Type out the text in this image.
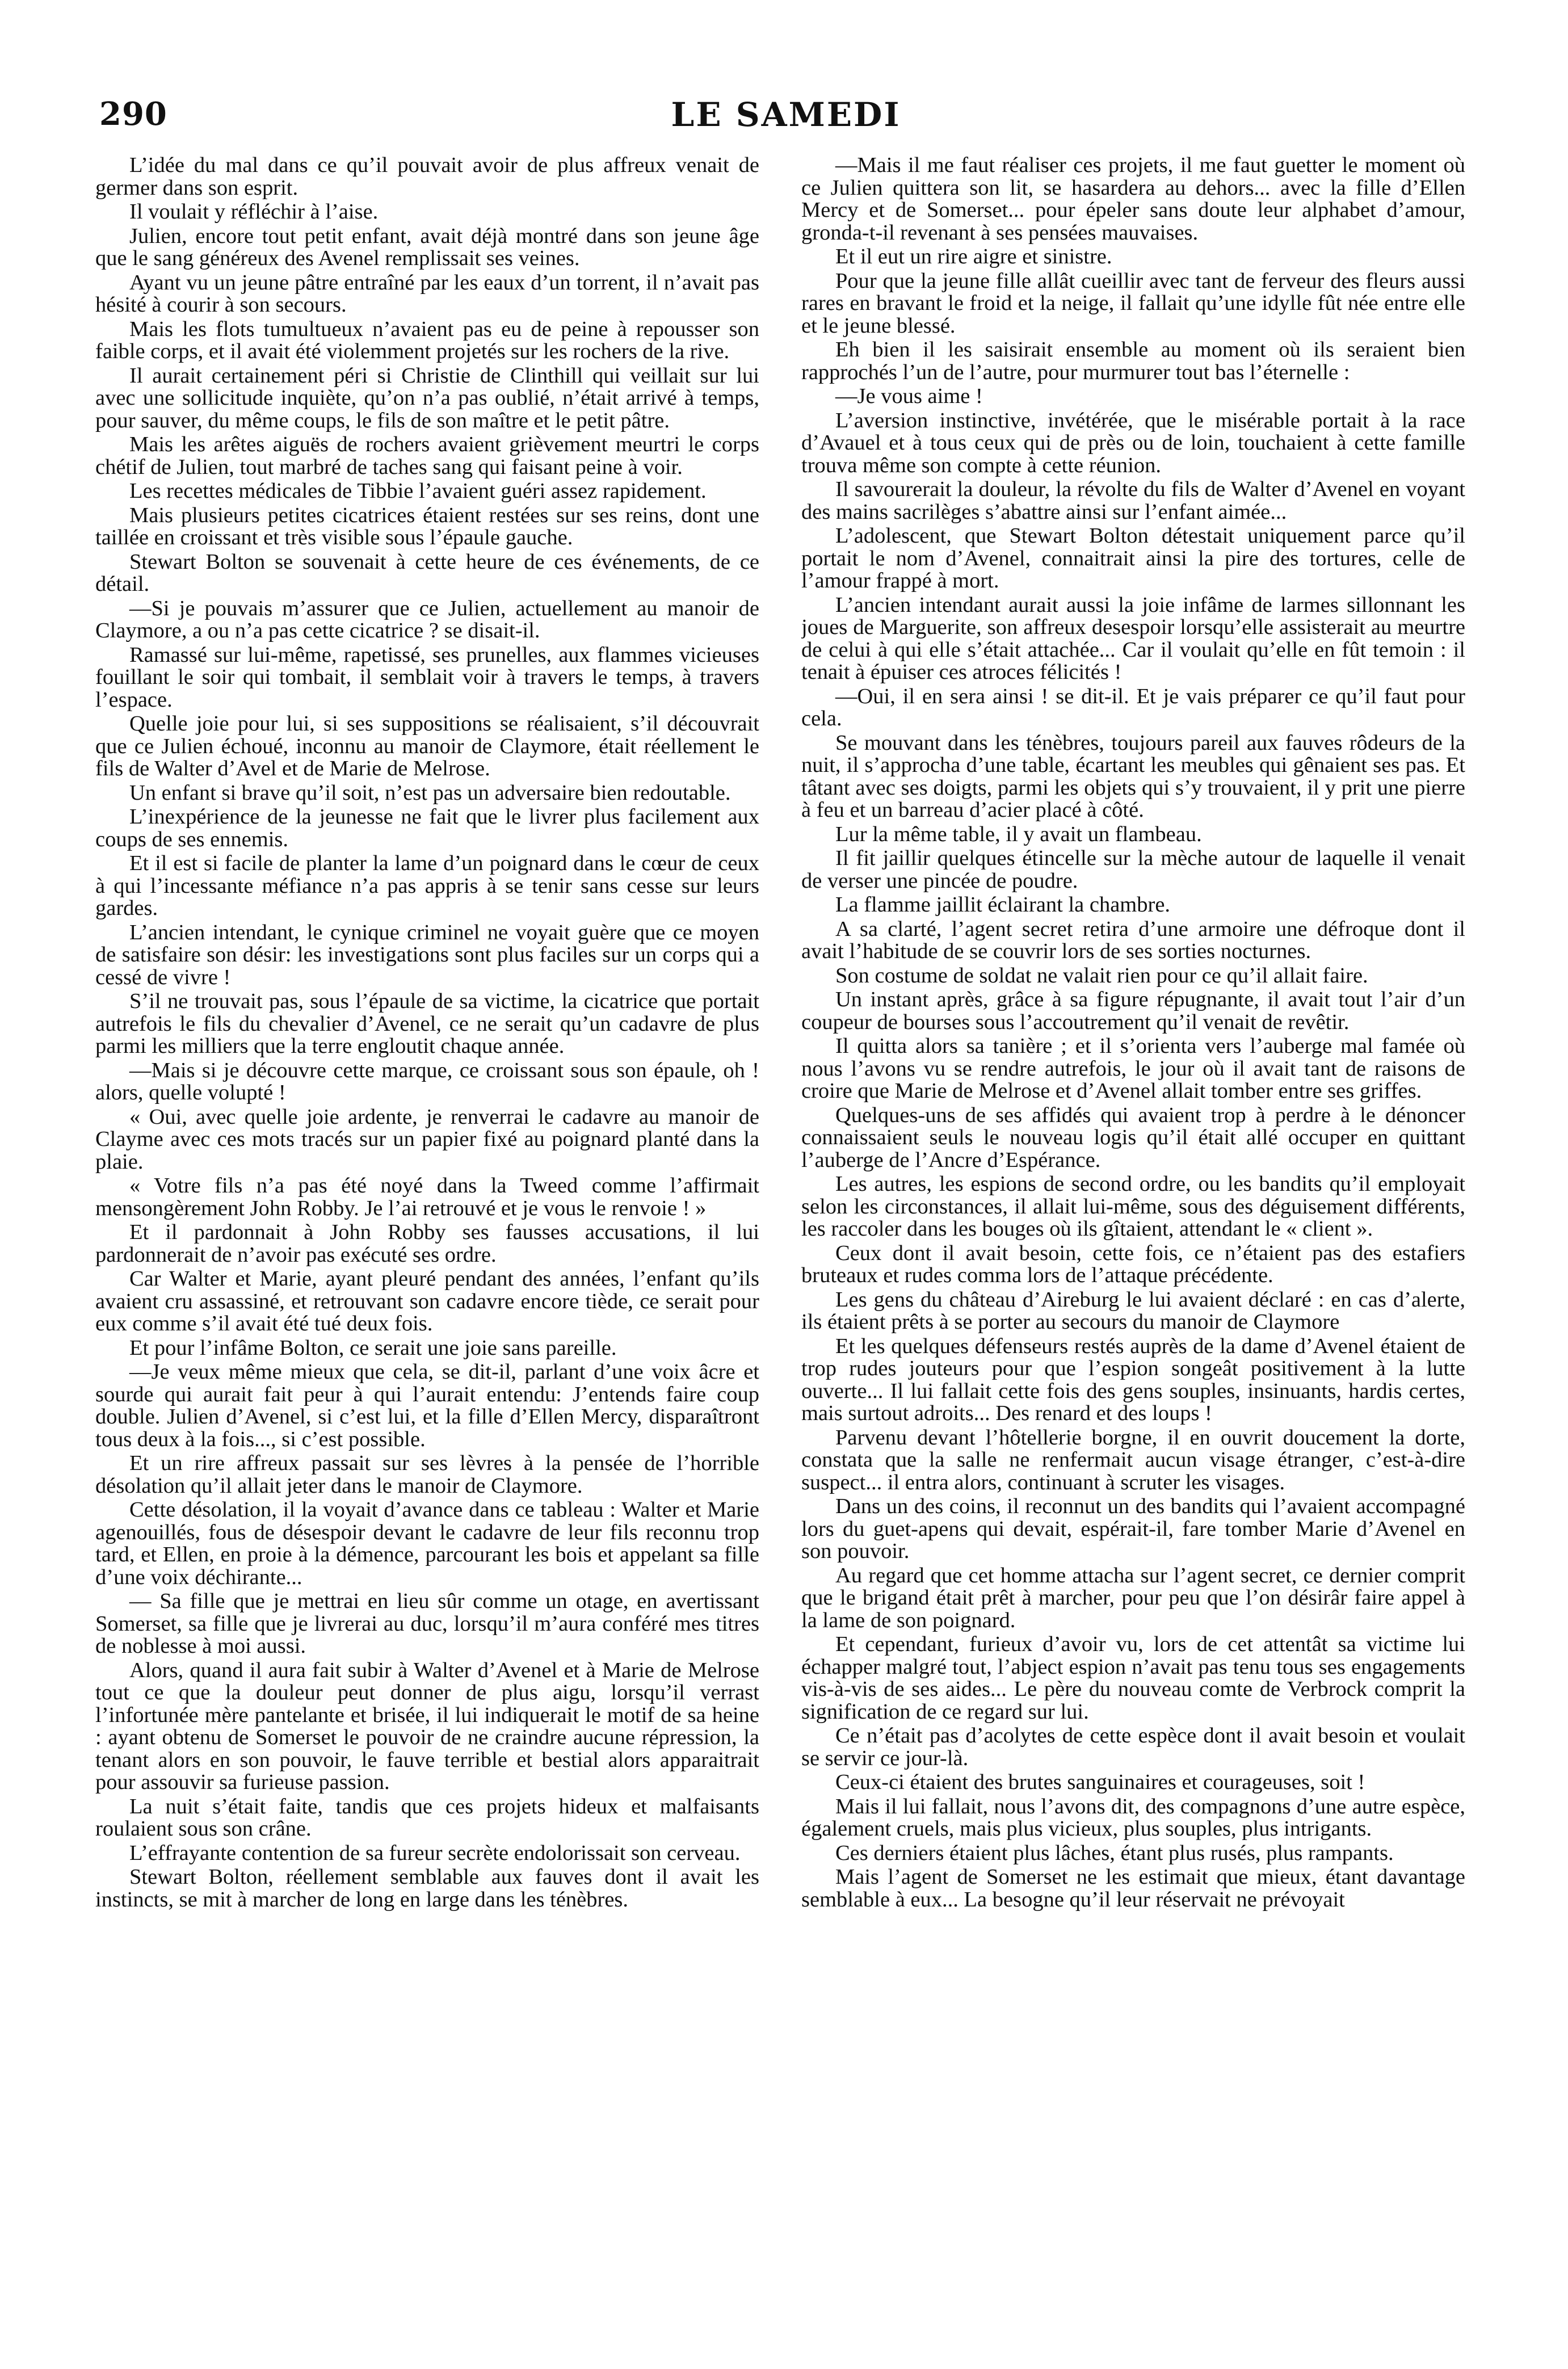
290	LE SAMEDI

L’idée du mal dans ce qu’il pouvait avoir de plus affreux venait de germer dans son esprit.

Il voulait y réfléchir à l’aise.

Julien, encore tout petit enfant, avait déjà montré dans son jeune âge que le sang généreux des Avenel remplissait ses veines.

Ayant vu un jeune pâtre entraîné par les eaux d’un torrent, il n’avait pas hésité à courir à son secours.

Mais les flots tumultueux n’avaient pas eu de peine à repousser son faible corps, et il avait été violemment projetés sur les rochers de la rive.

Il aurait certainement péri si Christie de Clinthill qui veillait sur lui avec une sollicitude inquiète, qu’on n’a pas oublié, n’était arrivé à temps, pour sauver, du même coups, le fils de son maître et le petit pâtre.

Mais les arêtes aiguës de rochers avaient grièvement meurtri le corps chétif de Julien, tout marbré de taches sang qui faisant peine à voir.

Les recettes médicales de Tibbie l’avaient guéri assez rapidement.

Mais plusieurs petites cicatrices étaient restées sur ses reins, dont une taillée en croissant et très visible sous l’épaule gauche.

Stewart Bolton se souvenait à cette heure de ces événements, de ce détail.

—Si je pouvais m’assurer que ce Julien, actuellement au manoir de Claymore, a ou n’a pas cette cicatrice ? se disait-il.

Ramassé sur lui-même, rapetissé, ses prunelles, aux flammes vicieuses fouillant le soir qui tombait, il semblait voir à travers le temps, à travers l’espace.

Quelle joie pour lui, si ses suppositions se réalisaient, s’il découvrait que ce Julien échoué, inconnu au manoir de Claymore, était réellement le fils de Walter d’Avel et de Marie de Melrose.

Un enfant si brave qu’il soit, n’est pas un adversaire bien redoutable.

L’inexpérience de la jeunesse ne fait que le livrer plus facilement aux coups de ses ennemis.

Et il est si facile de planter la lame d’un poignard dans le cœur de ceux à qui l’incessante méfiance n’a pas appris à se tenir sans cesse sur leurs gardes.

L’ancien intendant, le cynique criminel ne voyait guère que ce moyen de satisfaire son désir: les investigations sont plus faciles sur un corps qui a cessé de vivre !

S’il ne trouvait pas, sous l’épaule de sa victime, la cicatrice que portait autrefois le fils du chevalier d’Avenel, ce ne serait qu’un cadavre de plus parmi les milliers que la terre engloutit chaque année.

—Mais si je découvre cette marque, ce croissant sous son épaule, oh ! alors, quelle volupté !

« Oui, avec quelle joie ardente, je renverrai le cadavre au manoir de Clayme avec ces mots tracés sur un papier fixé au poignard planté dans la plaie.

« Votre fils n’a pas été noyé dans la Tweed comme l’affirmait mensongèrement John Robby. Je l’ai retrouvé et je vous le renvoie ! »

Et il pardonnait à John Robby ses fausses accusations, il lui pardonnerait de n’avoir pas exécuté ses ordre.

Car Walter et Marie, ayant pleuré pendant des années, l’enfant qu’ils avaient cru assassiné, et retrouvant son cadavre encore tiède, ce serait pour eux comme s’il avait été tué deux fois.

Et pour l’infâme Bolton, ce serait une joie sans pareille.

—Je veux même mieux que cela, se dit-il, parlant d’une voix âcre et sourde qui aurait fait peur à qui l’aurait entendu: J’entends faire coup double. Julien d’Avenel, si c’est lui, et la fille d’Ellen Mercy, disparaîtront tous deux à la fois..., si c’est possible.

Et un rire affreux passait sur ses lèvres à la pensée de l’horrible désolation qu’il allait jeter dans le manoir de Claymore.

Cette désolation, il la voyait d’avance dans ce tableau : Walter et Marie agenouillés, fous de désespoir devant le cadavre de leur fils reconnu trop tard, et Ellen, en proie à la démence, parcourant les bois et appelant sa fille d’une voix déchirante...

— Sa fille que je mettrai en lieu sûr comme un otage, en avertissant Somerset, sa fille que je livrerai au duc, lorsqu’il m’aura conféré mes titres de noblesse à moi aussi.

Alors, quand il aura fait subir à Walter d’Avenel et à Marie de Melrose tout ce que la douleur peut donner de plus aigu, lorsqu’il verrast l’infortunée mère pantelante et brisée, il lui indiquerait le motif de sa heine : ayant obtenu de Somerset le pouvoir de ne craindre aucune répression, la tenant alors en son pouvoir, le fauve terrible et bestial alors apparaitrait pour assouvir sa furieuse passion.

La nuit s’était faite, tandis que ces projets hideux et malfaisants roulaient sous son crâne.

L’effrayante contention de sa fureur secrète endolorissait son cerveau.

Stewart Bolton, réellement semblable aux fauves dont il avait les instincts, se mit à marcher de long en large dans les ténèbres.

—Mais il me faut réaliser ces projets, il me faut guetter le moment où ce Julien quittera son lit, se hasardera au dehors... avec la fille d’Ellen Mercy et de Somerset... pour épeler sans doute leur alphabet d’amour, gronda-t-il revenant à ses pensées mauvaises.

Et il eut un rire aigre et sinistre.

Pour que la jeune fille allât cueillir avec tant de ferveur des fleurs aussi rares en bravant le froid et la neige, il fallait qu’une idylle fût née entre elle et le jeune blessé.

Eh bien il les saisirait ensemble au moment où ils seraient bien rapprochés l’un de l’autre, pour murmurer tout bas l’éternelle :

—Je vous aime !

L’aversion instinctive, invétérée, que le misérable portait à la race d’Avauel et à tous ceux qui de près ou de loin, touchaient à cette famille trouva même son compte à cette réunion.

Il savourerait la douleur, la révolte du fils de Walter d’Avenel en voyant des mains sacrilèges s’abattre ainsi sur l’enfant aimée...

L’adolescent, que Stewart Bolton détestait uniquement parce qu’il portait le nom d’Avenel, connaitrait ainsi la pire des tortures, celle de l’amour frappé à mort.

L’ancien intendant aurait aussi la joie infâme de larmes sillonnant les joues de Marguerite, son affreux desespoir lorsqu’elle assisterait au meurtre de celui à qui elle s’était attachée... Car il voulait qu’elle en fût temoin : il tenait à épuiser ces atroces félicités !

—Oui, il en sera ainsi ! se dit-il. Et je vais préparer ce qu’il faut pour cela.

Se mouvant dans les ténèbres, toujours pareil aux fauves rôdeurs de la nuit, il s’approcha d’une table, écartant les meubles qui gênaient ses pas. Et tâtant avec ses doigts, parmi les objets qui s’y trouvaient, il y prit une pierre à feu et un barreau d’acier placé à côté.

Lur la même table, il y avait un flambeau.

Il fit jaillir quelques étincelle sur la mèche autour de laquelle il venait de verser une pincée de poudre.

La flamme jaillit éclairant la chambre.

A sa clarté, l’agent secret retira d’une armoire une défroque dont il avait l’habitude de se couvrir lors de ses sorties nocturnes.

Son costume de soldat ne valait rien pour ce qu’il allait faire.

Un instant après, grâce à sa figure répugnante, il avait tout l’air d’un coupeur de bourses sous l’accoutrement qu’il venait de revêtir.

Il quitta alors sa tanière ; et il s’orienta vers l’auberge mal famée où nous l’avons vu se rendre autrefois, le jour où il avait tant de raisons de croire que Marie de Melrose et d’Avenel allait tomber entre ses griffes.

Quelques-uns de ses affidés qui avaient trop à perdre à le dénoncer connaissaient seuls le nouveau logis qu’il était allé occuper en quittant l’auberge de l’Ancre d’Espérance.

Les autres, les espions de second ordre, ou les bandits qu’il employait selon les circonstances, il allait lui-même, sous des déguisement différents, les raccoler dans les bouges où ils gîtaient, attendant le « client ».

Ceux dont il avait besoin, cette fois, ce n’étaient pas des estafiers bruteaux et rudes comma lors de l’attaque précédente.

Les gens du château d’Aireburg le lui avaient déclaré : en cas d’alerte, ils étaient prêts à se porter au secours du manoir de Claymore

Et les quelques défenseurs restés auprès de la dame d’Avenel étaient de trop rudes jouteurs pour que l’espion songeât positivement à la lutte ouverte... Il lui fallait cette fois des gens souples, insinuants, hardis certes, mais surtout adroits... Des renard et des loups !

Parvenu devant l’hôtellerie borgne, il en ouvrit doucement la dorte, constata que la salle ne renfermait aucun visage étranger, c’est-à-dire suspect... il entra alors, continuant à scruter les visages.

Dans un des coins, il reconnut un des bandits qui l’avaient accompagné lors du guet-apens qui devait, espérait-il, fare tomber Marie d’Avenel en son pouvoir.

Au regard que cet homme attacha sur l’agent secret, ce dernier comprit que le brigand était prêt à marcher, pour peu que l’on désirâr faire appel à la lame de son poignard.

Et cependant, furieux d’avoir vu, lors de cet attentât sa victime lui échapper malgré tout, l’abject espion n’avait pas tenu tous ses engagements vis-à-vis de ses aides... Le père du nouveau comte de Verbrock comprit la signification de ce regard sur lui.

Ce n’était pas d’acolytes de cette espèce dont il avait besoin et voulait se servir ce jour-là.

Ceux-ci étaient des brutes sanguinaires et courageuses, soit !

Mais il lui fallait, nous l’avons dit, des compagnons d’une autre espèce, également cruels, mais plus vicieux, plus souples, plus intrigants.

Ces derniers étaient plus lâches, étant plus rusés, plus rampants.

Mais l’agent de Somerset ne les estimait que mieux, étant davantage semblable à eux... La besogne qu’il leur réservait ne prévoyait
